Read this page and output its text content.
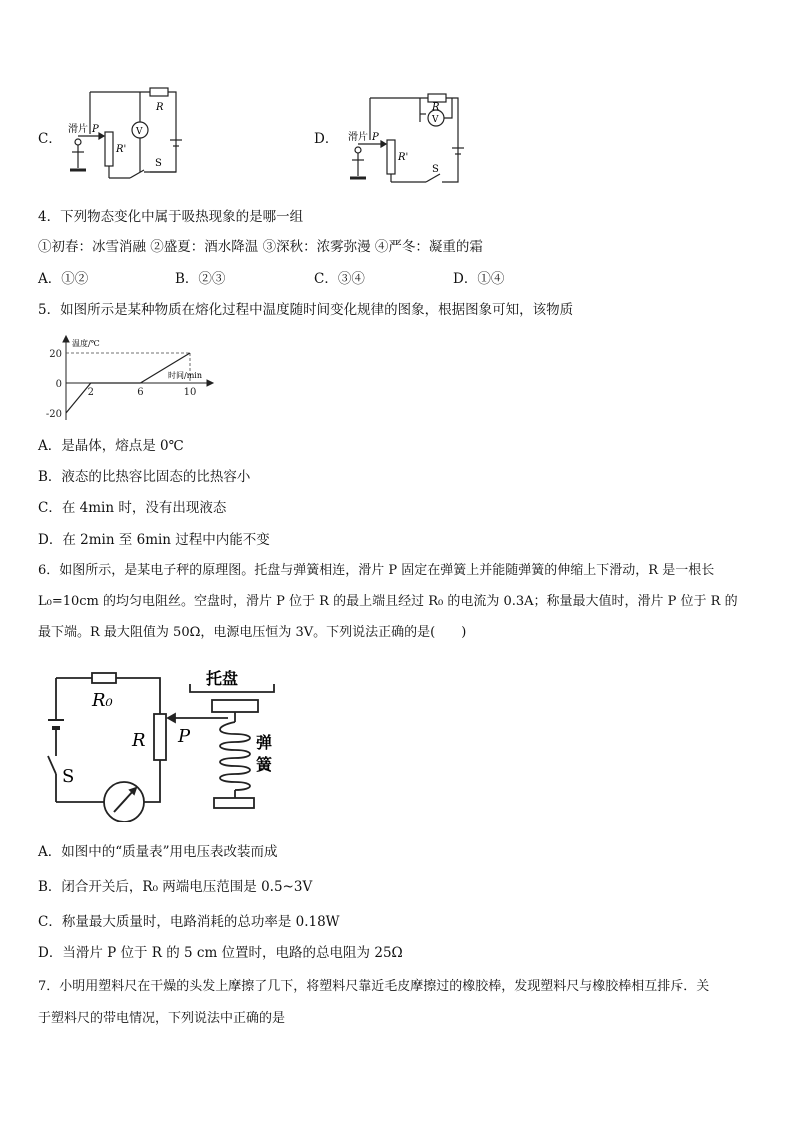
C．
滑片 P
R
R'
V
S
D． 滑片 P
R
R'
V
S
4．下列物态变化中属于吸热现象的是哪一组
①初春：冰雪消融 ②盛夏：酒水降温 ③深秋：浓雾弥漫 ④严冬：凝重的霜
A．①②	B．②③	C．③④	D．①④
5．如图所示是某种物质在熔化过程中温度随时间变化规律的图象，根据图象可知，该物质
2	6	10
20
-20
0
温度/℃
时间/min
A．是晶体，熔点是 0℃
B．液态的比热容比固态的比热容小
C．在 4min 时，没有出现液态
D．在 2min 至 6min 过程中内能不变
6．如图所示，是某电子秤的原理图。托盘与弹簧相连，滑片 P 固定在弹簧上并能随弹簧的伸缩上下滑动，R 是一根长
L₀=10cm 的均匀电阻丝。空盘时，滑片 P 位于 R 的最上端且经过 R₀ 的电流为 0.3A；称量最大值时，滑片 P 位于 R 的
最下端。R 最大阻值为 50Ω，电源电压恒为 3V。下列说法正确的是(　　)
R₀
R P
S
托盘
弹
簧
A．如图中的“质量表”用电压表改装而成
B．闭合开关后，R₀ 两端电压范围是 0.5~3V
C．称量最大质量时，电路消耗的总功率是 0.18W
D．当滑片 P 位于 R 的 5 cm 位置时，电路的总电阻为 25Ω
7．小明用塑料尺在干燥的头发上摩擦了几下，将塑料尺靠近毛皮摩擦过的橡胶棒，发现塑料尺与橡胶棒相互排斥．关
于塑料尺的带电情况，下列说法中正确的是
